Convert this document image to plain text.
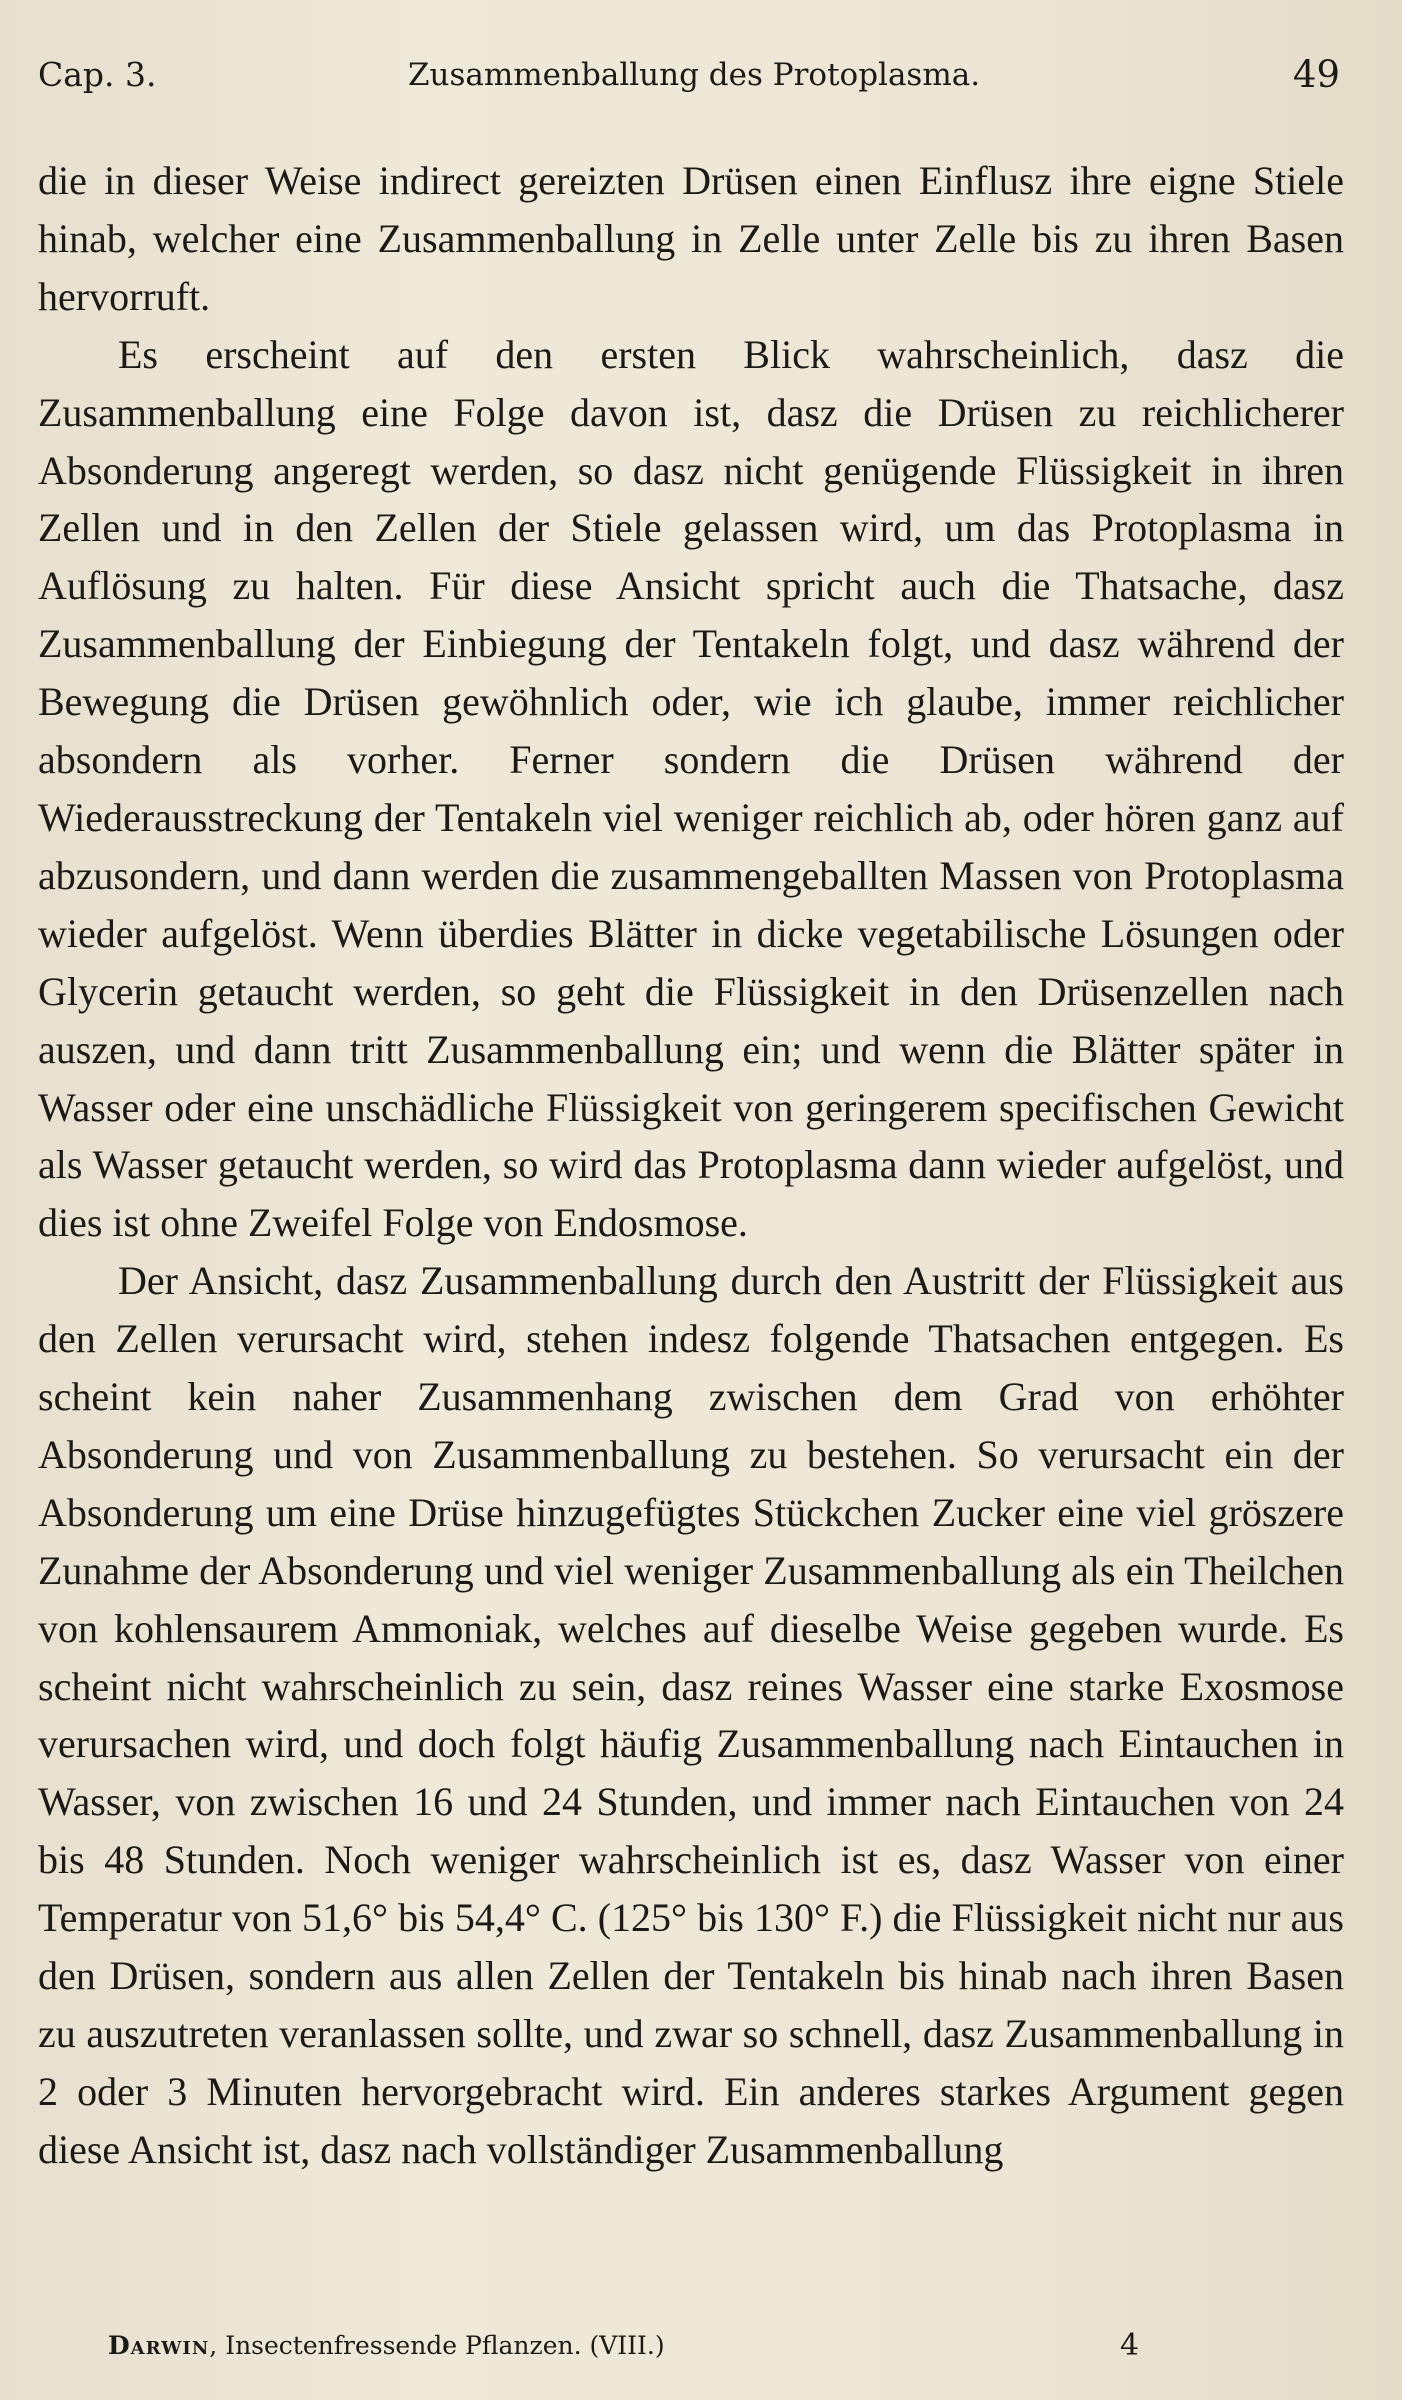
Cap. 3.	Zusammenballung des Protoplasma.	49

die in dieser Weise indirect gereizten Drüsen einen Einflusz ihre eigne Stiele hinab, welcher eine Zusammenballung in Zelle unter Zelle bis zu ihren Basen hervorruft.

Es erscheint auf den ersten Blick wahrscheinlich, dasz die Zusammenballung eine Folge davon ist, dasz die Drüsen zu reichlicherer Absonderung angeregt werden, so dasz nicht genügende Flüssigkeit in ihren Zellen und in den Zellen der Stiele gelassen wird, um das Protoplasma in Auflösung zu halten. Für diese Ansicht spricht auch die Thatsache, dasz Zusammenballung der Einbiegung der Tentakeln folgt, und dasz während der Bewegung die Drüsen gewöhnlich oder, wie ich glaube, immer reichlicher absondern als vorher. Ferner sondern die Drüsen während der Wiederausstreckung der Tentakeln viel weniger reichlich ab, oder hören ganz auf abzusondern, und dann werden die zusammengeballten Massen von Protoplasma wieder aufgelöst. Wenn überdies Blätter in dicke vegetabilische Lösungen oder Glycerin getaucht werden, so geht die Flüssigkeit in den Drüsenzellen nach auszen, und dann tritt Zusammenballung ein; und wenn die Blätter später in Wasser oder eine unschädliche Flüssigkeit von geringerem specifischen Gewicht als Wasser getaucht werden, so wird das Protoplasma dann wieder aufgelöst, und dies ist ohne Zweifel Folge von Endosmose.

Der Ansicht, dasz Zusammenballung durch den Austritt der Flüssigkeit aus den Zellen verursacht wird, stehen indesz folgende Thatsachen entgegen. Es scheint kein naher Zusammenhang zwischen dem Grad von erhöhter Absonderung und von Zusammenballung zu bestehen. So verursacht ein der Absonderung um eine Drüse hinzugefügtes Stückchen Zucker eine viel gröszere Zunahme der Absonderung und viel weniger Zusammenballung als ein Theilchen von kohlensaurem Ammoniak, welches auf dieselbe Weise gegeben wurde. Es scheint nicht wahrscheinlich zu sein, dasz reines Wasser eine starke Exosmose verursachen wird, und doch folgt häufig Zusammenballung nach Eintauchen in Wasser, von zwischen 16 und 24 Stunden, und immer nach Eintauchen von 24 bis 48 Stunden. Noch weniger wahrscheinlich ist es, dasz Wasser von einer Temperatur von 51,6° bis 54,4° C. (125° bis 130° F.) die Flüssigkeit nicht nur aus den Drüsen, sondern aus allen Zellen der Tentakeln bis hinab nach ihren Basen zu auszutreten veranlassen sollte, und zwar so schnell, dasz Zusammenballung in 2 oder 3 Minuten hervorgebracht wird. Ein anderes starkes Argument gegen diese Ansicht ist, dasz nach vollständiger Zusammenballung

Darwin, Insectenfressende Pflanzen. (VIII.)	4
